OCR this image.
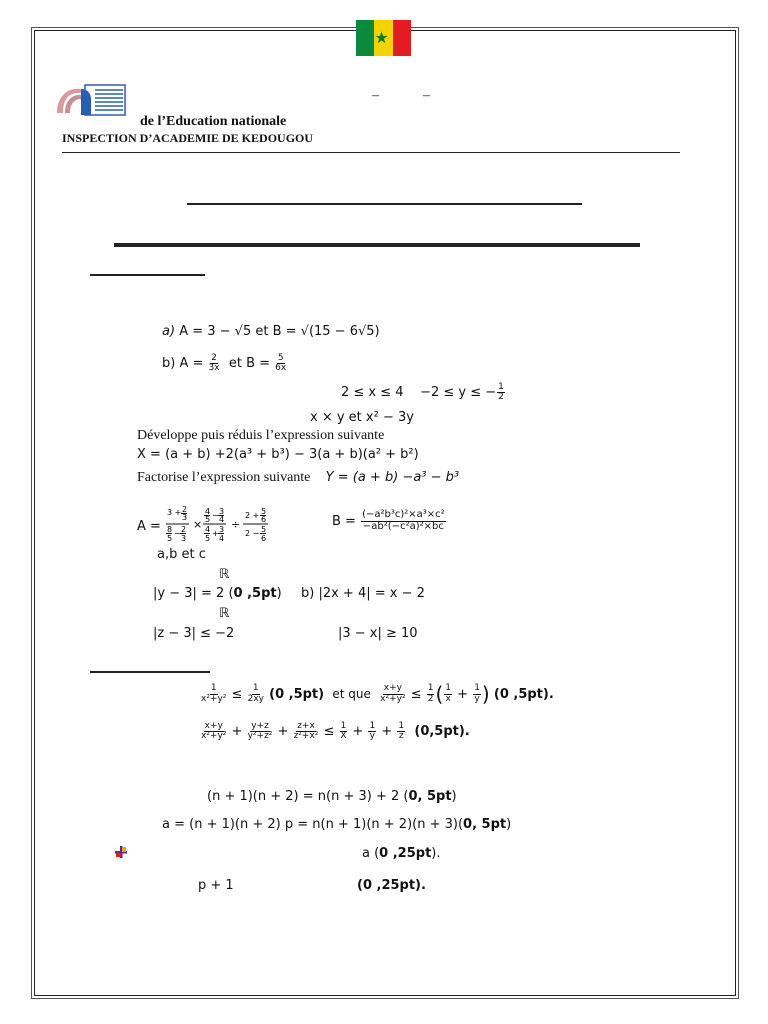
★
–	–
de l’Education nationale
INSPECTION D’ACADEMIE DE KEDOUGOU
a) A = 3 − √5 et B = √(15 − 6√5)
b) A =
$\frac{2}{3x}$
et B =
$\frac{5}{6x}$
2 ≤ x ≤ 4
−2 ≤ y ≤ − $\frac{1}{2}$
x × y et x² − 3y
Développe puis réduis l’expression suivante
X = (a + b) +2(a³ + b³) − 3(a + b)(a² + b²)
Factorise l’expression suivante Y = (a + b) −a³ − b³
A =

3 + 2
3
8
5
− 2
3
×
4
5 − 3
4
4
5
+ 3
4
÷
2 + 5
6
2 − 5
6
B =
$\frac{\text{(−a²b³c)²×a³×c²}}{\text{−ab²(−c²a)²×bc}}$
a,b et c
ℝ
|y − 3| = 2 (0 ,5pt) b) |2x + 4| = x − 2
ℝ
|z − 3| ≤ −2	|3 − x| ≥ 10
$\frac{1}{\text{x²+y²}} \le \frac{1}{2xy}$
(0 ,5pt)
et que
$\frac{x+y}{\text{x²+y²}} \le \frac{1}{2}$ ( $\frac{1}{x} + \frac{1}{y}$ )
(0 ,5pt).
$\frac{x+y}{\text{x²+y²}} + \frac{y+z}{\text{y²+z²}} + \frac{z+x}{\text{z²+x²}} \le \frac{1}{X} + \frac{1}{y} + \frac{1}{z}$
(0,5pt).
(n + 1)(n + 2) = n(n + 3) + 2 (0, 5pt)
a = (n + 1)(n + 2) p = n(n + 1)(n + 2)(n + 3)(0, 5pt)
a (0 ,25pt).
p + 1	(0 ,25pt).
